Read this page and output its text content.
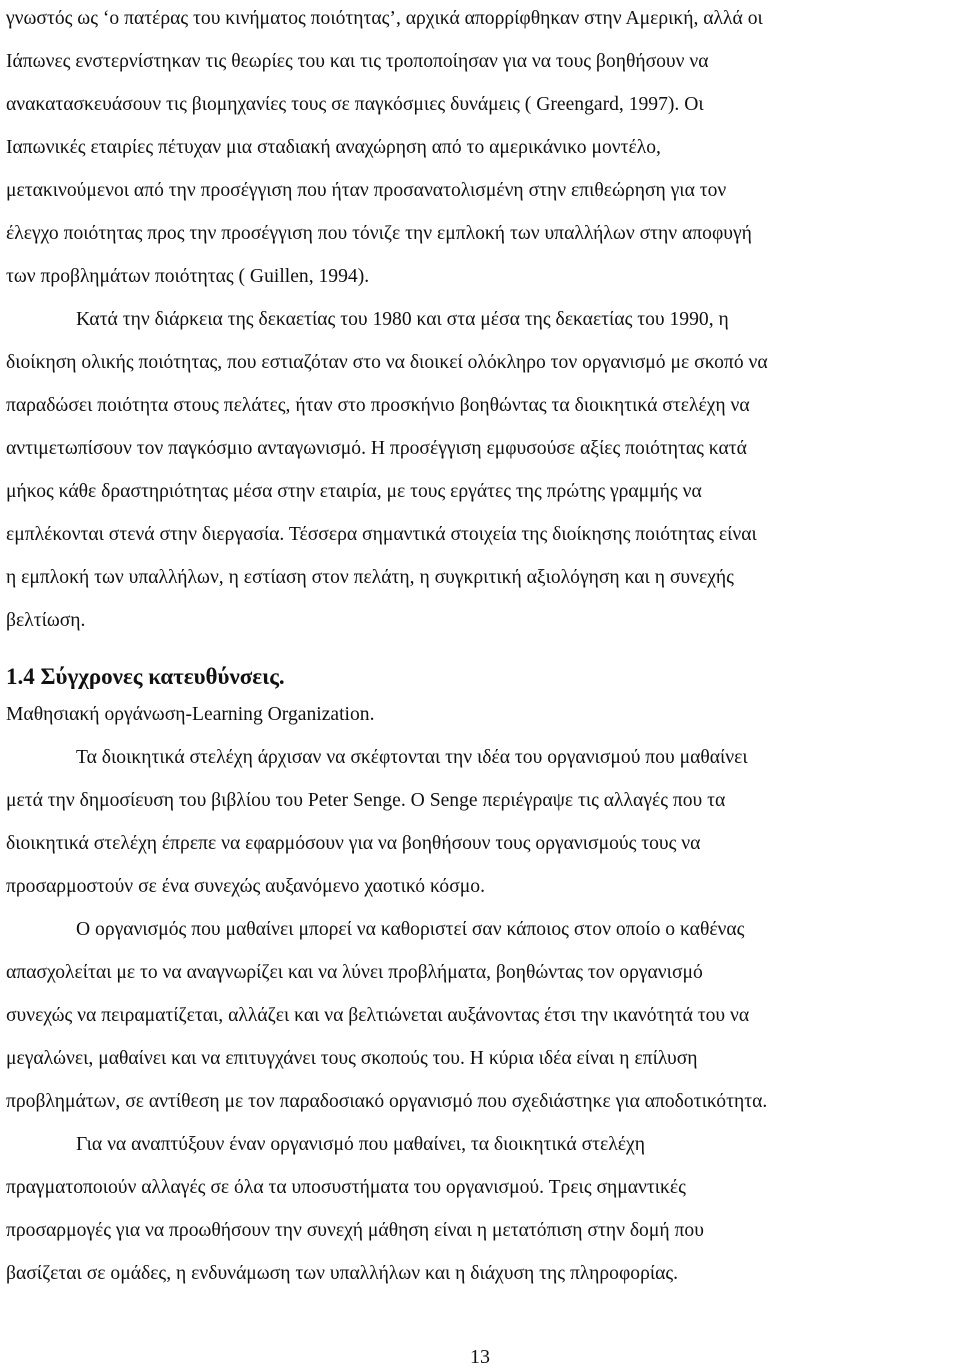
γνωστός ως ‘ο πατέρας του κινήματος ποιότητας’, αρχικά απορρίφθηκαν στην Αμερική, αλλά οι
Ιάπωνες ενστερνίστηκαν τις θεωρίες του και τις τροποποίησαν για να τους βοηθήσουν να
ανακατασκευάσουν τις βιομηχανίες τους σε παγκόσμιες δυνάμεις ( Greengard, 1997). Οι
Ιαπωνικές εταιρίες πέτυχαν μια σταδιακή αναχώρηση από το αμερικάνικο μοντέλο,
μετακινούμενοι από την προσέγγιση που ήταν προσανατολισμένη στην επιθεώρηση για τον
έλεγχο ποιότητας προς την προσέγγιση που τόνιζε την εμπλοκή των υπαλλήλων στην αποφυγή
των προβλημάτων ποιότητας ( Guillen, 1994).
Κατά την διάρκεια της δεκαετίας του 1980 και στα μέσα της δεκαετίας του 1990, η
διοίκηση ολικής ποιότητας, που εστιαζόταν στο να διοικεί ολόκληρο τον οργανισμό με σκοπό να
παραδώσει ποιότητα στους πελάτες, ήταν στο προσκήνιο βοηθώντας τα διοικητικά στελέχη να
αντιμετωπίσουν τον παγκόσμιο ανταγωνισμό. Η προσέγγιση εμφυσούσε αξίες ποιότητας κατά
μήκος κάθε δραστηριότητας μέσα στην εταιρία, με τους εργάτες της πρώτης γραμμής να
εμπλέκονται στενά στην διεργασία. Τέσσερα σημαντικά στοιχεία της διοίκησης ποιότητας είναι
η εμπλοκή των υπαλλήλων, η εστίαση στον πελάτη, η συγκριτική αξιολόγηση και η συνεχής
βελτίωση.
1.4 Σύγχρονες κατευθύνσεις.
Μαθησιακή οργάνωση-Learning Organization.
Τα διοικητικά στελέχη άρχισαν να σκέφτονται την ιδέα του οργανισμού που μαθαίνει
μετά την δημοσίευση του βιβλίου του Peter Senge. Ο Senge περιέγραψε τις αλλαγές που τα
διοικητικά στελέχη έπρεπε να εφαρμόσουν για να βοηθήσουν τους οργανισμούς τους να
προσαρμοστούν σε ένα συνεχώς αυξανόμενο χαοτικό κόσμο.
Ο οργανισμός που μαθαίνει μπορεί να καθοριστεί σαν κάποιος στον οποίο ο καθένας
απασχολείται με το να αναγνωρίζει και να λύνει προβλήματα, βοηθώντας τον οργανισμό
συνεχώς να πειραματίζεται, αλλάζει και να βελτιώνεται αυξάνοντας έτσι την ικανότητά του να
μεγαλώνει, μαθαίνει και να επιτυγχάνει τους σκοπούς του. Η κύρια ιδέα είναι η επίλυση
προβλημάτων, σε αντίθεση με τον παραδοσιακό οργανισμό που σχεδιάστηκε για αποδοτικότητα.
Για να αναπτύξουν έναν οργανισμό που μαθαίνει, τα διοικητικά στελέχη
πραγματοποιούν αλλαγές σε όλα τα υποσυστήματα του οργανισμού. Τρεις σημαντικές
προσαρμογές για να προωθήσουν την συνεχή μάθηση είναι η μετατόπιση στην δομή που
βασίζεται σε ομάδες, η ενδυνάμωση των υπαλλήλων και η διάχυση της πληροφορίας.
13
